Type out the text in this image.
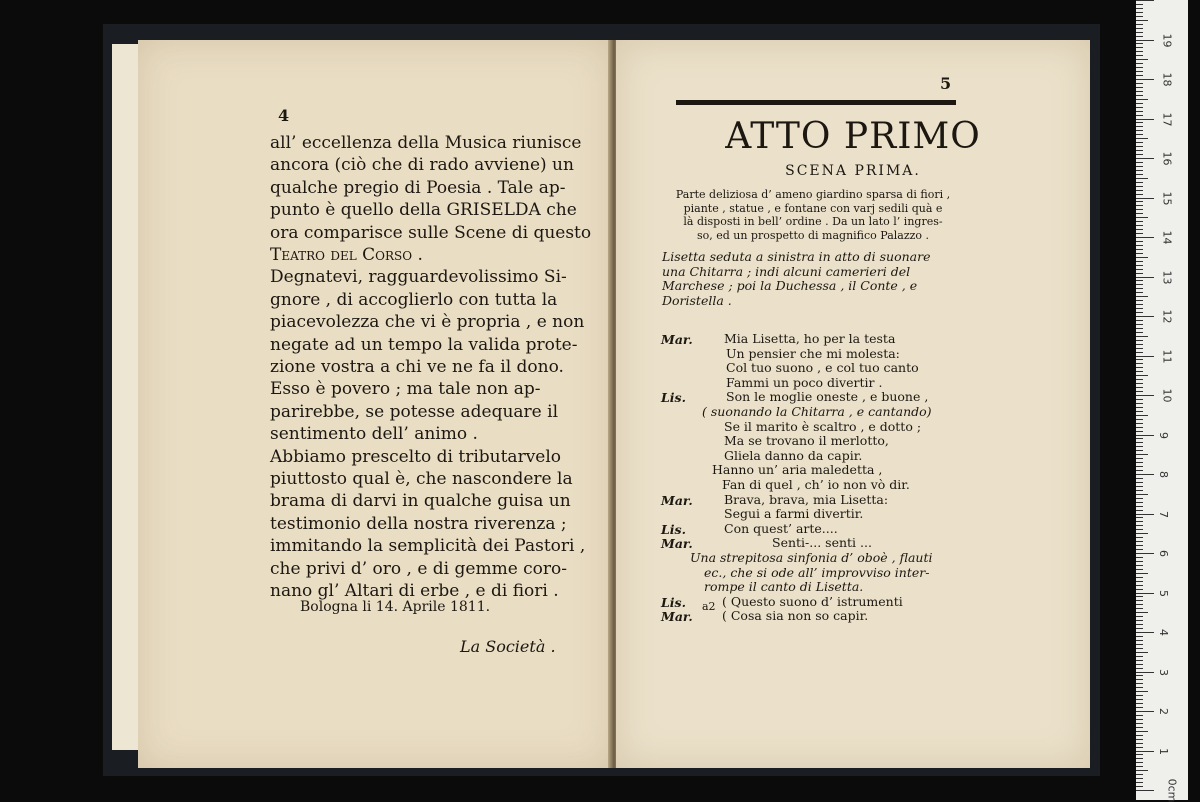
4
all’ eccellenza della Musica riunisce
ancora (ciò che di rado avviene) un
qualche pregio di Poesia . Tale ap-
punto è quello della GRISELDA che
ora comparisce sulle Scene di questo
Teatro del Corso .
Degnatevi, ragguardevolissimo Si-
gnore , di accoglierlo con tutta la
piacevolezza che vi è propria , e non
negate ad un tempo la valida prote-
zione vostra a chi ve ne fa il dono.
Esso è povero ; ma tale non ap-
parirebbe, se potesse adequare il
sentimento dell’ animo .
Abbiamo prescelto di tributarvelo
piuttosto qual è, che nascondere la
brama di darvi in qualche guisa un
testimonio della nostra riverenza ;
immitando la semplicità dei Pastori ,
che privi d’ oro , e di gemme coro-
nano gl’ Altari di erbe , e di fiori .
Bologna li 14. Aprile 1811.
La Società .
5
ATTO PRIMO
SCENA PRIMA.
Parte deliziosa d’ ameno giardino sparsa di fiori ,
piante , statue , e fontane con varj sedili quà e
là disposti in bell’ ordine . Da un lato l’ ingres-
so, ed un prospetto di magnifico Palazzo .
Lisetta seduta a sinistra in atto di suonare
una Chitarra ; indi alcuni camerieri del
Marchese ; poi la Duchessa , il Conte , e
Doristella .
Mar.	Mia Lisetta, ho per la testa
Un pensier che mi molesta:
Col tuo suono , e col tuo canto
Fammi un poco divertir .
Lis.	Son le moglie oneste , e buone ,
( suonando la Chitarra , e cantando)
Se il marito è scaltro , e dotto ;
Ma se trovano il merlotto,
Gliela danno da capir.
Hanno un’ aria maledetta ,
Fan di quel , ch’ io non vò dir.
Mar.	Brava, brava, mia Lisetta:
Segui a farmi divertir.
Lis.	Con quest’ arte....
Mar.	Senti-... senti ...
Una strepitosa sinfonia d’ oboè , flauti
ec., che si ode all’ improvviso inter-
rompe il canto di Lisetta.
Lis.	( Questo suono d’ istrumenti
Mar. ( Cosa sia non so capir.
a2
19
18
17
16
15
14
13
12
11
10
9
8
7
6
5
4
3
2
1
0cm
